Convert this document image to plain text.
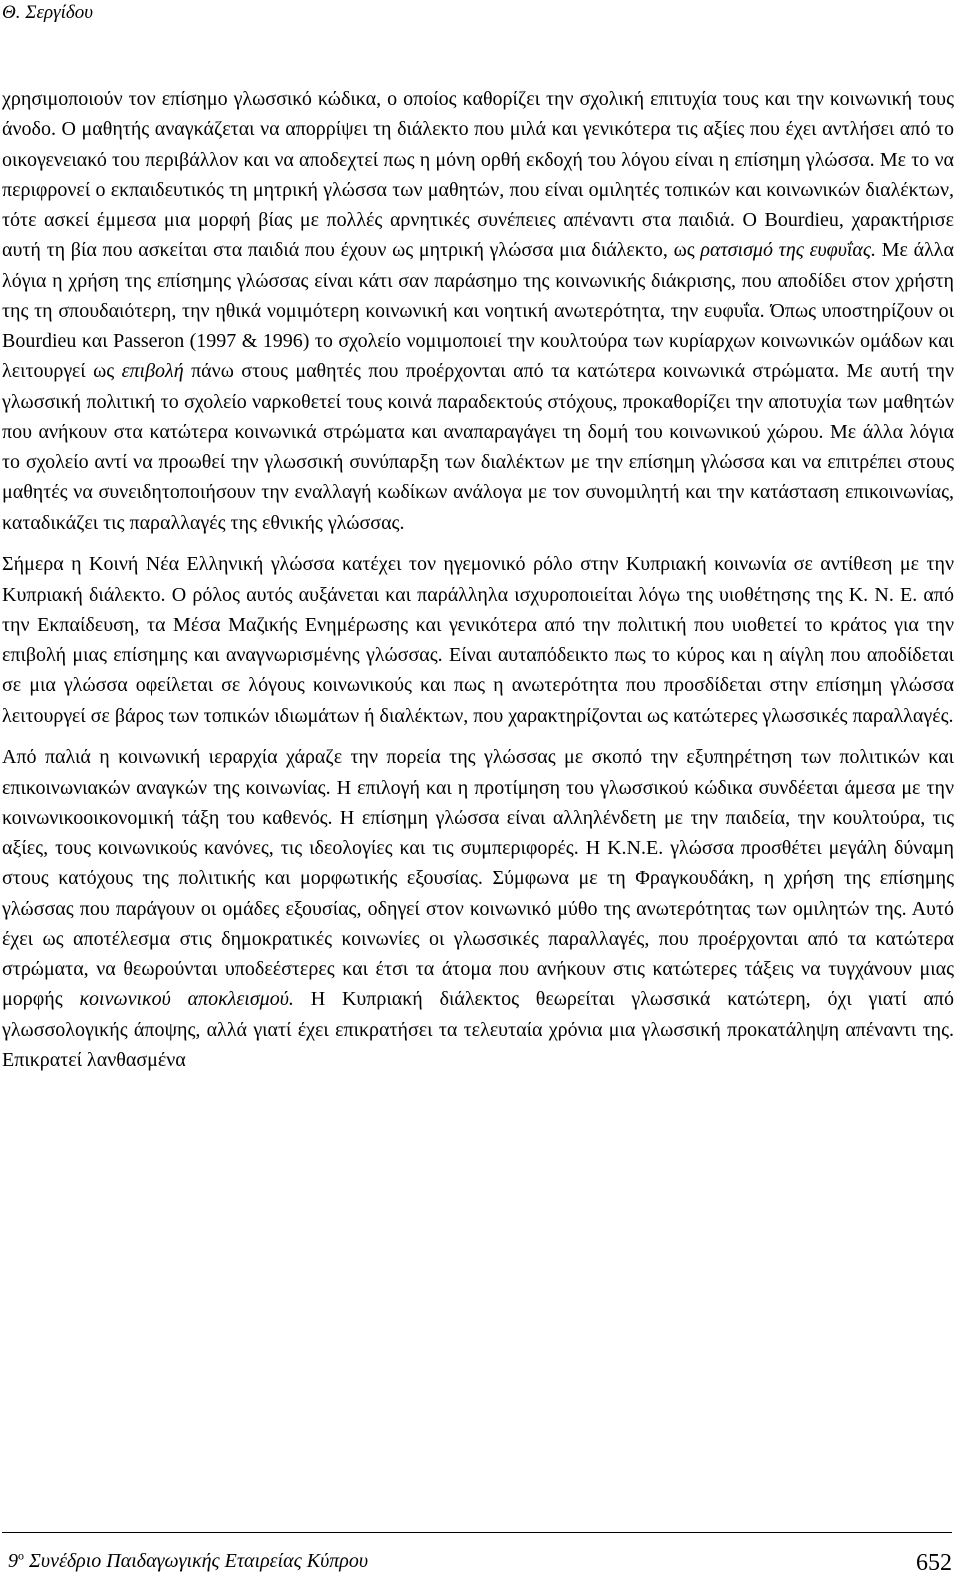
Θ. Σεργίδου

χρησιμοποιούν τον επίσημο γλωσσικό κώδικα, ο οποίος καθορίζει την σχολική επιτυχία τους και την κοινωνική τους άνοδο. Ο μαθητής αναγκάζεται να απορρίψει τη διάλεκτο που μιλά και γενικότερα τις αξίες που έχει αντλήσει από το οικογενειακό του περιβάλλον και να αποδεχτεί πως η μόνη ορθή εκδοχή του λόγου είναι η επίσημη γλώσσα. Με το να περιφρονεί ο εκπαιδευτικός τη μητρική γλώσσα των μαθητών, που είναι ομιλητές τοπικών και κοινωνικών διαλέκτων, τότε ασκεί έμμεσα μια μορφή βίας με πολλές αρνητικές συνέπειες απέναντι στα παιδιά. Ο Bourdieu, χαρακτήρισε αυτή τη βία που ασκείται στα παιδιά που έχουν ως μητρική γλώσσα μια διάλεκτο, ως ρατσισμό της ευφυΐας. Με άλλα λόγια η χρήση της επίσημης γλώσσας είναι κάτι σαν παράσημο της κοινωνικής διάκρισης, που αποδίδει στον χρήστη της τη σπουδαιότερη, την ηθικά νομιμότερη κοινωνική και νοητική ανωτερότητα, την ευφυΐα. Όπως υποστηρίζουν οι Bourdieu και Passeron (1997 & 1996) το σχολείο νομιμοποιεί την κουλτούρα των κυρίαρχων κοινωνικών ομάδων και λειτουργεί ως επιβολή πάνω στους μαθητές που προέρχονται από τα κατώτερα κοινωνικά στρώματα. Με αυτή την γλωσσική πολιτική το σχολείο ναρκοθετεί τους κοινά παραδεκτούς στόχους, προκαθορίζει την αποτυχία των μαθητών που ανήκουν στα κατώτερα κοινωνικά στρώματα και αναπαραγάγει τη δομή του κοινωνικού χώρου. Με άλλα λόγια το σχολείο αντί να προωθεί την γλωσσική συνύπαρξη των διαλέκτων με την επίσημη γλώσσα και να επιτρέπει στους μαθητές να συνειδητοποιήσουν την εναλλαγή κωδίκων ανάλογα με τον συνομιλητή και την κατάσταση επικοινωνίας, καταδικάζει τις παραλλαγές της εθνικής γλώσσας.

Σήμερα η Κοινή Νέα Ελληνική γλώσσα κατέχει τον ηγεμονικό ρόλο στην Κυπριακή κοινωνία σε αντίθεση με την Κυπριακή διάλεκτο. Ο ρόλος αυτός αυξάνεται και παράλληλα ισχυροποιείται λόγω της υιοθέτησης της Κ. Ν. Ε. από την Εκπαίδευση, τα Μέσα Μαζικής Ενημέρωσης και γενικότερα από την πολιτική που υιοθετεί το κράτος για την επιβολή μιας επίσημης και αναγνωρισμένης γλώσσας. Είναι αυταπόδεικτο πως το κύρος και η αίγλη που αποδίδεται σε μια γλώσσα οφείλεται σε λόγους κοινωνικούς και πως η ανωτερότητα που προσδίδεται στην επίσημη γλώσσα λειτουργεί σε βάρος των τοπικών ιδιωμάτων ή διαλέκτων, που χαρακτηρίζονται ως κατώτερες γλωσσικές παραλλαγές.

Από παλιά η κοινωνική ιεραρχία χάραζε την πορεία της γλώσσας με σκοπό την εξυπηρέτηση των πολιτικών και επικοινωνιακών αναγκών της κοινωνίας. Η επιλογή και η προτίμηση του γλωσσικού κώδικα συνδέεται άμεσα με την κοινωνικοοικονομική τάξη του καθενός. Η επίσημη γλώσσα είναι αλληλένδετη με την παιδεία, την κουλτούρα, τις αξίες, τους κοινωνικούς κανόνες, τις ιδεολογίες και τις συμπεριφορές. Η Κ.Ν.Ε. γλώσσα προσθέτει μεγάλη δύναμη στους κατόχους της πολιτικής και μορφωτικής εξουσίας. Σύμφωνα με τη Φραγκουδάκη, η χρήση της επίσημης γλώσσας που παράγουν οι ομάδες εξουσίας, οδηγεί στον κοινωνικό μύθο της ανωτερότητας των ομιλητών της. Αυτό έχει ως αποτέλεσμα στις δημοκρατικές κοινωνίες οι γλωσσικές παραλλαγές, που προέρχονται από τα κατώτερα στρώματα, να θεωρούνται υποδεέστερες και έτσι τα άτομα που ανήκουν στις κατώτερες τάξεις να τυγχάνουν μιας μορφής κοινωνικού αποκλεισμού. Η Κυπριακή διάλεκτος θεωρείται γλωσσικά κατώτερη, όχι γιατί από γλωσσολογικής άποψης, αλλά γιατί έχει επικρατήσει τα τελευταία χρόνια μια γλωσσική προκατάληψη απέναντι της. Επικρατεί λανθασμένα

$9^o$ Συνέδριο Παιδαγωγικής Εταιρείας Κύπρου	652
